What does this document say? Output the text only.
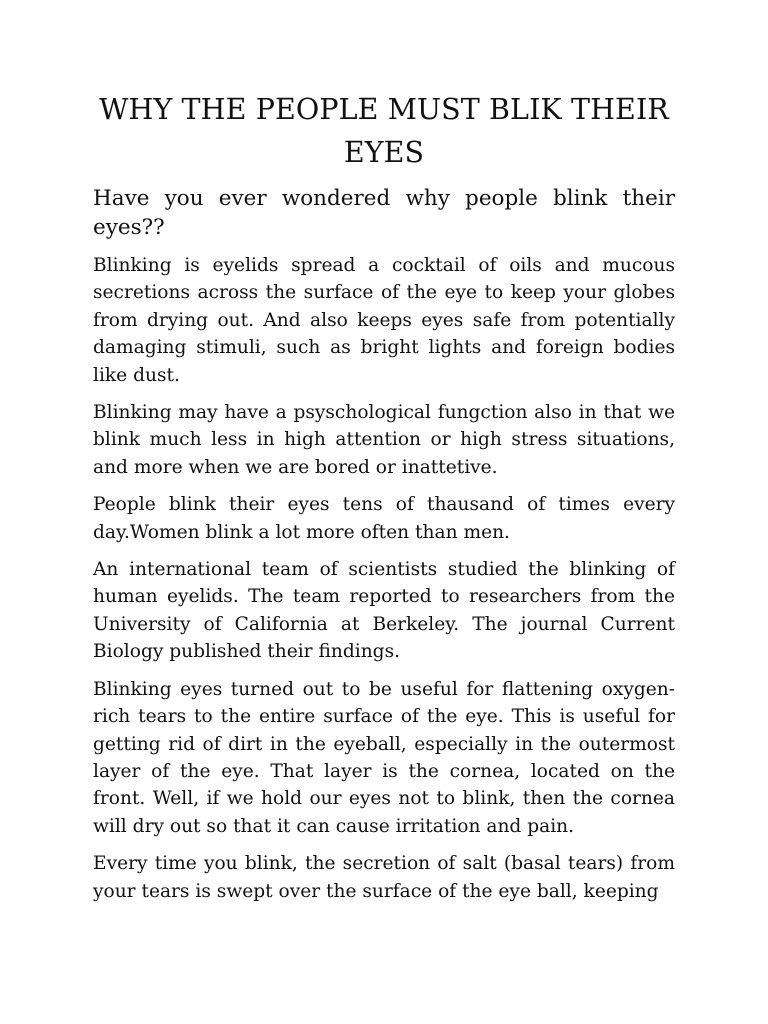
WHY THE PEOPLE MUST BLIK THEIR EYES

Have you ever wondered why people blink their eyes??

Blinking is eyelids spread a cocktail of oils and mucous secretions across the surface of the eye to keep your globes from drying out. And also keeps eyes safe from potentially damaging stimuli, such as bright lights and foreign bodies like dust.

Blinking may have a psyschological fungction also in that we blink much less in high attention or high stress situations, and more when we are bored or inattetive.

People blink their eyes tens of thausand of times every day.Women blink a lot more often than men.

An international team of scientists studied the blinking of human eyelids. The team reported to researchers from the University of California at Berkeley. The journal Current Biology published their findings.

Blinking eyes turned out to be useful for flattening oxygen-rich tears to the entire surface of the eye. This is useful for getting rid of dirt in the eyeball, especially in the outermost layer of the eye. That layer is the cornea, located on the front. Well, if we hold our eyes not to blink, then the cornea will dry out so that it can cause irritation and pain.

Every time you blink, the secretion of salt (basal tears) from your tears is swept over the surface of the eye ball, keeping
